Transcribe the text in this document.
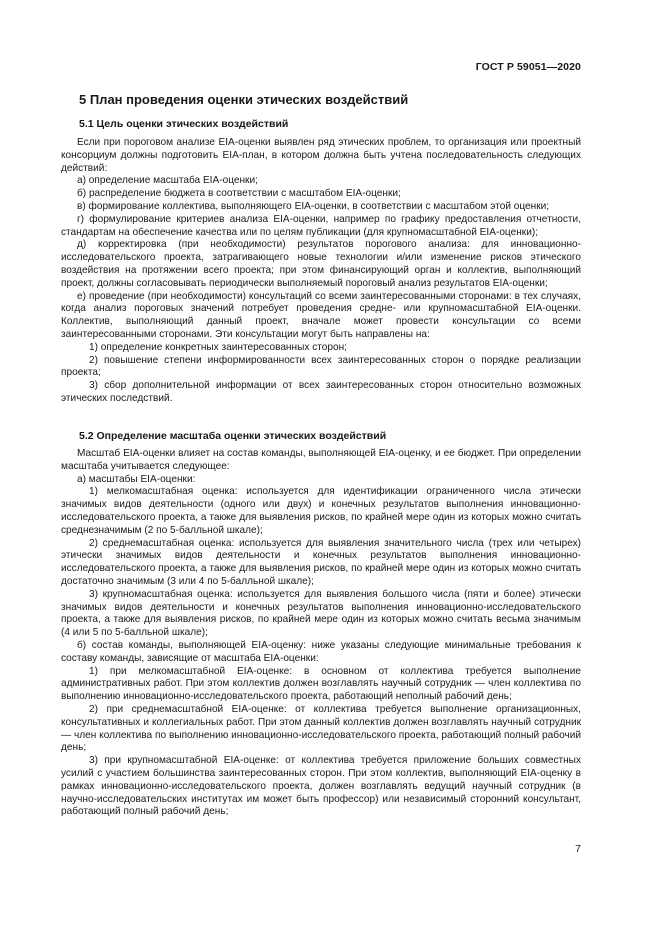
ГОСТ Р 59051—2020
5 План проведения оценки этических воздействий
5.1 Цель оценки этических воздействий

Если при пороговом анализе EIA-оценки выявлен ряд этических проблем, то организация или проектный консорциум должны подготовить EIA-план, в котором должна быть учтена последовательность следующих действий:

а) определение масштаба EIA-оценки;

б) распределение бюджета в соответствии с масштабом EIA-оценки;

в) формирование коллектива, выполняющего EIA-оценки, в соответствии с масштабом этой оценки;

г) формулирование критериев анализа EIA-оценки, например по графику предоставления отчетности, стандартам на обеспечение качества или по целям публикации (для крупномасштабной EIA-оценки);

д) корректировка (при необходимости) результатов порогового анализа: для инновационно-исследовательского проекта, затрагивающего новые технологии и/или изменение рисков этического воздействия на протяжении всего проекта; при этом финансирующий орган и коллектив, выполняющий проект, должны согласовывать периодически выполняемый пороговый анализ результатов EIA-оценки;

е) проведение (при необходимости) консультаций со всеми заинтересованными сторонами: в тех случаях, когда анализ пороговых значений потребует проведения средне- или крупномасштабной EIA-оценки. Коллектив, выполняющий данный проект, вначале может провести консультации со всеми заинтересованными сторонами. Эти консультации могут быть направлены на:

1) определение конкретных заинтересованных сторон;

2) повышение степени информированности всех заинтересованных сторон о порядке реализации проекта;

3) сбор дополнительной информации от всех заинтересованных сторон относительно возможных этических последствий.

5.2 Определение масштаба оценки этических воздействий

Масштаб EIA-оценки влияет на состав команды, выполняющей EIA-оценку, и ее бюджет. При определении масштаба учитывается следующее:

а) масштабы EIA-оценки:

1) мелкомасштабная оценка: используется для идентификации ограниченного числа этически значимых видов деятельности (одного или двух) и конечных результатов выполнения инновационно-исследовательского проекта, а также для выявления рисков, по крайней мере один из которых можно считать среднезначимым (2 по 5-балльной шкале);

2) среднемасштабная оценка: используется для выявления значительного числа (трех или четырех) этически значимых видов деятельности и конечных результатов выполнения инновационно-исследовательского проекта, а также для выявления рисков, по крайней мере один из которых можно считать достаточно значимым (3 или 4 по 5-балльной шкале);

3) крупномасштабная оценка: используется для выявления большого числа (пяти и более) этически значимых видов деятельности и конечных результатов выполнения инновационно-исследовательского проекта, а также для выявления рисков, по крайней мере один из которых можно считать весьма значимым (4 или 5 по 5-балльной шкале);

б) состав команды, выполняющей EIA-оценку: ниже указаны следующие минимальные требования к составу команды, зависящие от масштаба EIA-оценки:

1) при мелкомасштабной EIA-оценке: в основном от коллектива требуется выполнение административных работ. При этом коллектив должен возглавлять научный сотрудник — член коллектива по выполнению инновационно-исследовательского проекта, работающий неполный рабочий день;

2) при среднемасштабной EIA-оценке: от коллектива требуется выполнение организационных, консультативных и коллегиальных работ. При этом данный коллектив должен возглавлять научный сотрудник — член коллектива по выполнению инновационно-исследовательского проекта, работающий полный рабочий день;

3) при крупномасштабной EIA-оценке: от коллектива требуется приложение больших совместных усилий с участием большинства заинтересованных сторон. При этом коллектив, выполняющий EIA-оценку в рамках инновационно-исследовательского проекта, должен возглавлять ведущий научный сотрудник (в научно-исследовательских институтах им может быть профессор) или независимый сторонний консультант, работающий полный рабочий день;

7
